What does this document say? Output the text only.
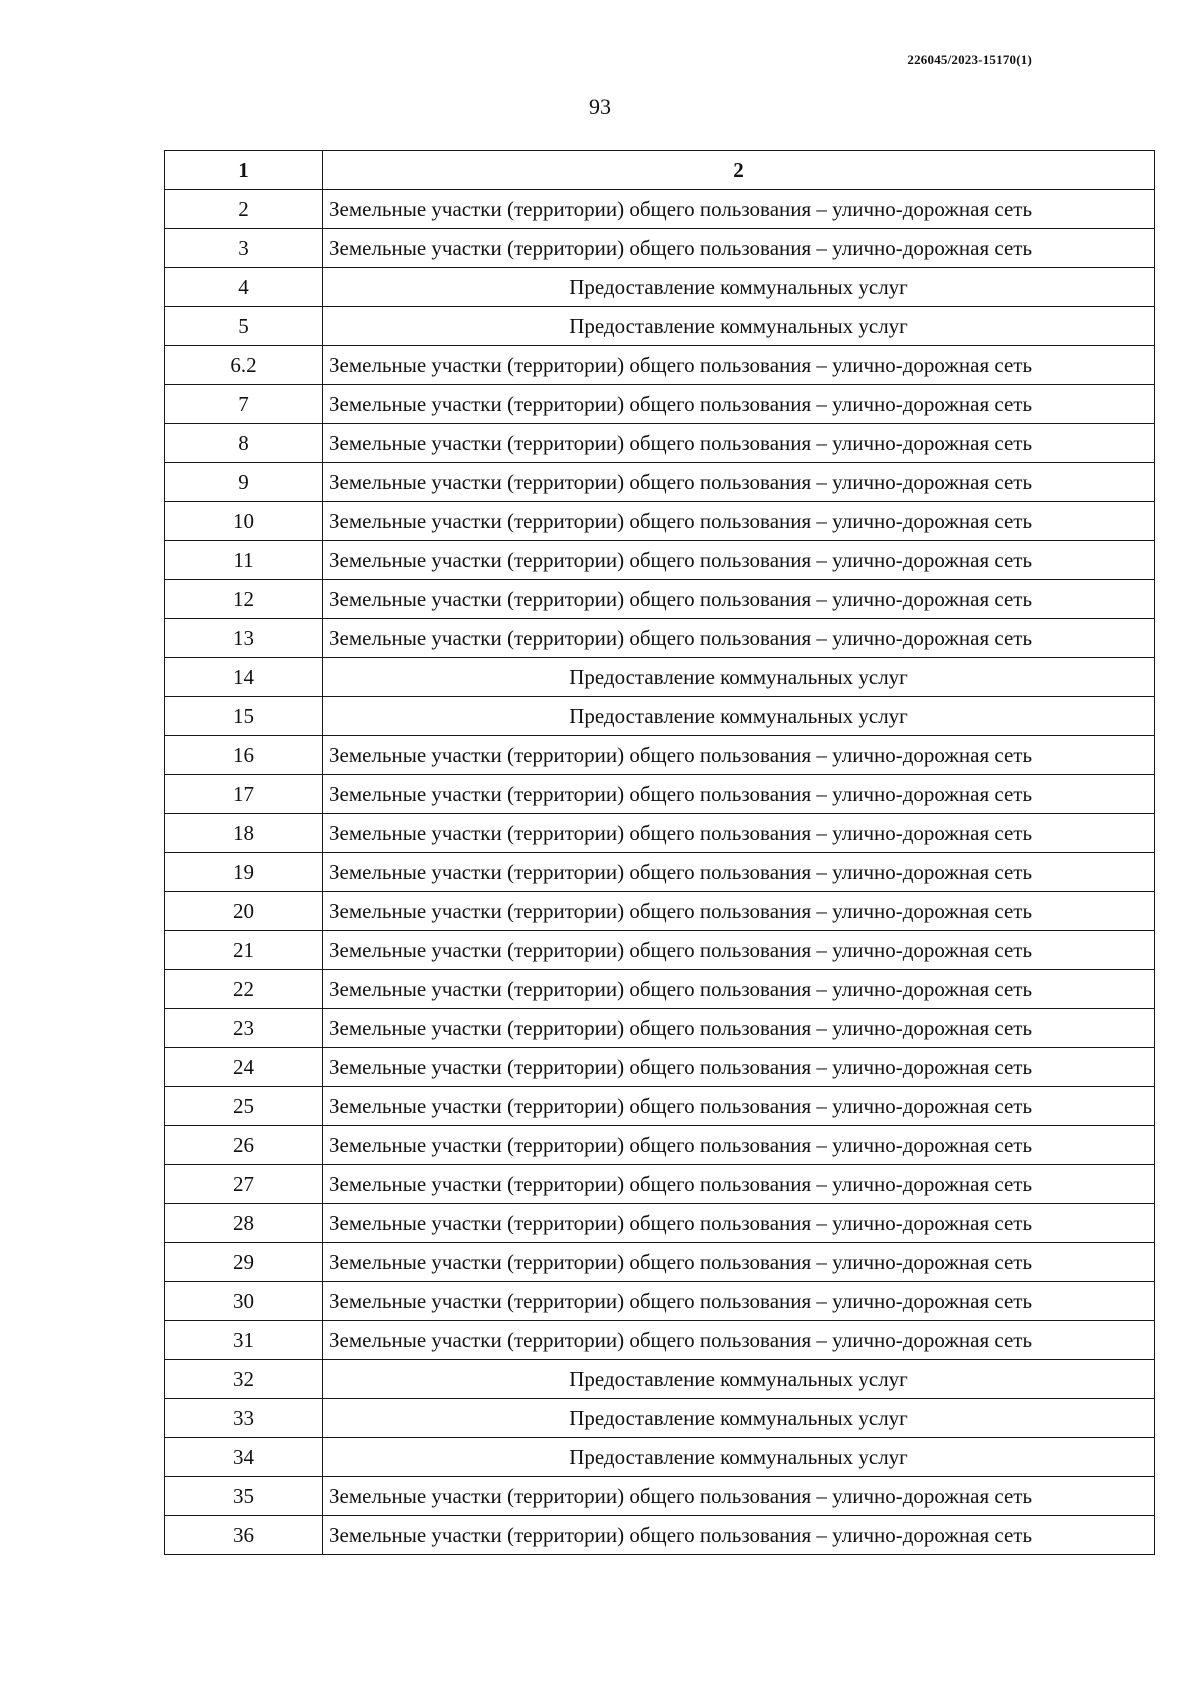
226045/2023-15170(1)
93
1	2
2	Земельные участки (территории) общего пользования – улично-дорожная сеть
3	Земельные участки (территории) общего пользования – улично-дорожная сеть
4	Предоставление коммунальных услуг
5	Предоставление коммунальных услуг
6.2	Земельные участки (территории) общего пользования – улично-дорожная сеть
7	Земельные участки (территории) общего пользования – улично-дорожная сеть
8	Земельные участки (территории) общего пользования – улично-дорожная сеть
9	Земельные участки (территории) общего пользования – улично-дорожная сеть
10	Земельные участки (территории) общего пользования – улично-дорожная сеть
11	Земельные участки (территории) общего пользования – улично-дорожная сеть
12	Земельные участки (территории) общего пользования – улично-дорожная сеть
13	Земельные участки (территории) общего пользования – улично-дорожная сеть
14	Предоставление коммунальных услуг
15	Предоставление коммунальных услуг
16	Земельные участки (территории) общего пользования – улично-дорожная сеть
17	Земельные участки (территории) общего пользования – улично-дорожная сеть
18	Земельные участки (территории) общего пользования – улично-дорожная сеть
19	Земельные участки (территории) общего пользования – улично-дорожная сеть
20	Земельные участки (территории) общего пользования – улично-дорожная сеть
21	Земельные участки (территории) общего пользования – улично-дорожная сеть
22	Земельные участки (территории) общего пользования – улично-дорожная сеть
23	Земельные участки (территории) общего пользования – улично-дорожная сеть
24	Земельные участки (территории) общего пользования – улично-дорожная сеть
25	Земельные участки (территории) общего пользования – улично-дорожная сеть
26	Земельные участки (территории) общего пользования – улично-дорожная сеть
27	Земельные участки (территории) общего пользования – улично-дорожная сеть
28	Земельные участки (территории) общего пользования – улично-дорожная сеть
29	Земельные участки (территории) общего пользования – улично-дорожная сеть
30	Земельные участки (территории) общего пользования – улично-дорожная сеть
31	Земельные участки (территории) общего пользования – улично-дорожная сеть
32	Предоставление коммунальных услуг
33	Предоставление коммунальных услуг
34	Предоставление коммунальных услуг
35	Земельные участки (территории) общего пользования – улично-дорожная сеть
36	Земельные участки (территории) общего пользования – улично-дорожная сеть
